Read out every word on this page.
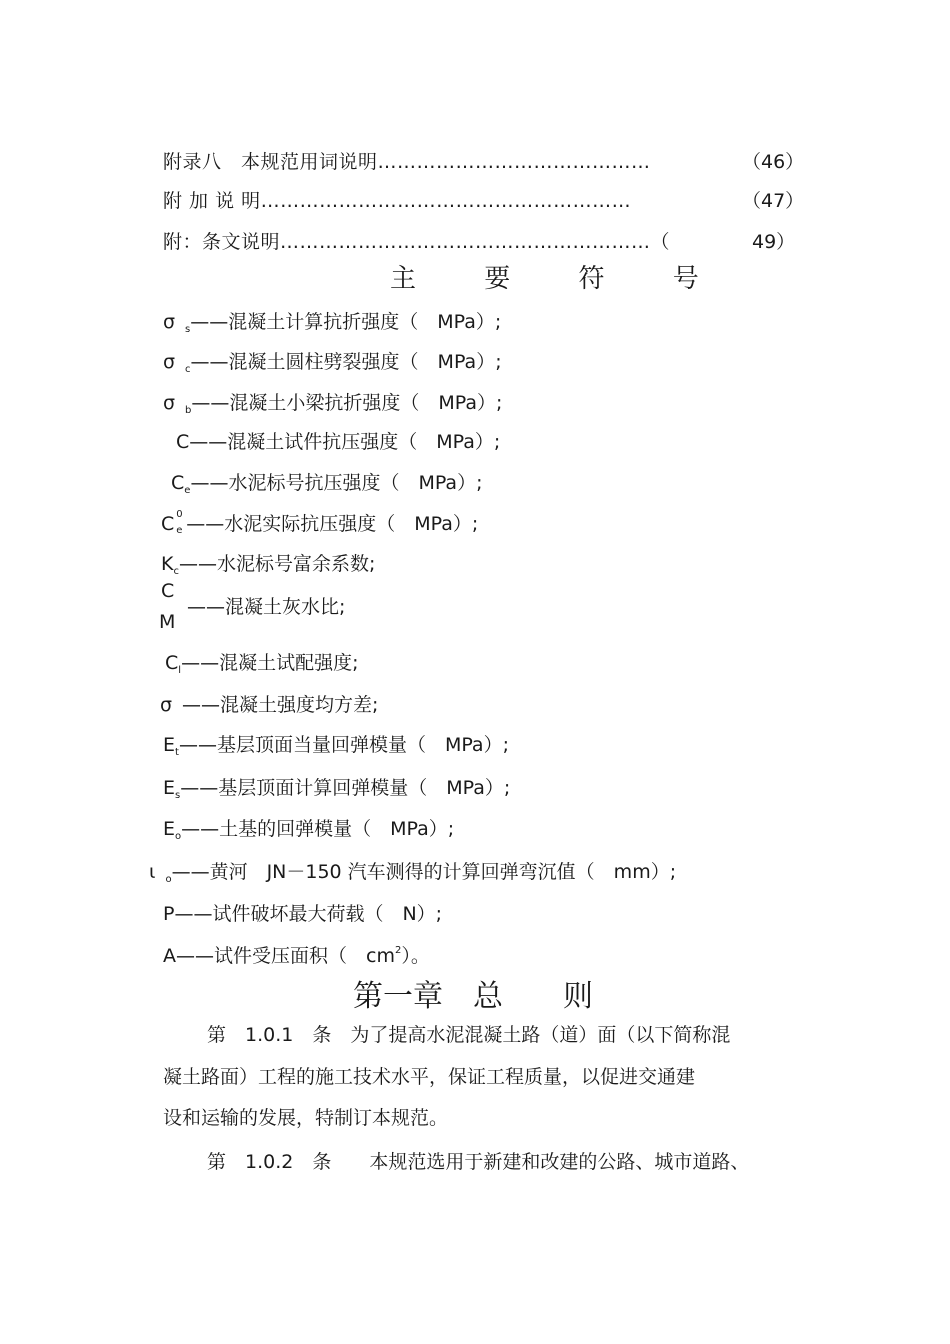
附录八　本规范用词说明……………………………………	（46）
附 加 说 明…………………………………………………	（47）
附：条文说明…………………………………………………（	49）
主 要 符 号
σ $_s$——混凝土计算抗折强度（　MPa）;
σ $_c$——混凝土圆柱劈裂强度（　MPa）;
σ $_b$——混凝土小梁抗折强度（　MPa）;
C——混凝土试件抗压强度（　MPa）;
$C_e——$水泥标号抗压强度（　MPa）;
C 0
e ——水泥实际抗压强度（　MPa）;
$K_c——$水泥标号富余系数;
C
M
——混凝土灰水比;
$C_l——$混凝土试配强度;
σ ——混凝土强度均方差;
$E_t——$基层顶面当量回弹模量（　MPa）;
$E_s——$基层顶面计算回弹模量（　MPa）;
$E_o——$土基的回弹模量（　MPa）;
ι $_o$——黄河　JN－150 汽车测得的计算回弹弯沉值（　mm）;
P——试件破坏最大荷载（　N）;
A——试件受压面积（　$cm^2$）。
第一章　总　　则
第　1.0.1　条　为了提高水泥混凝土路（道）面（以下简称混
凝土路面）工程的施工技术水平，保证工程质量，以促进交通建
设和运输的发展，特制订本规范。
第　1.0.2　条　　本规范选用于新建和改建的公路、城市道路、
